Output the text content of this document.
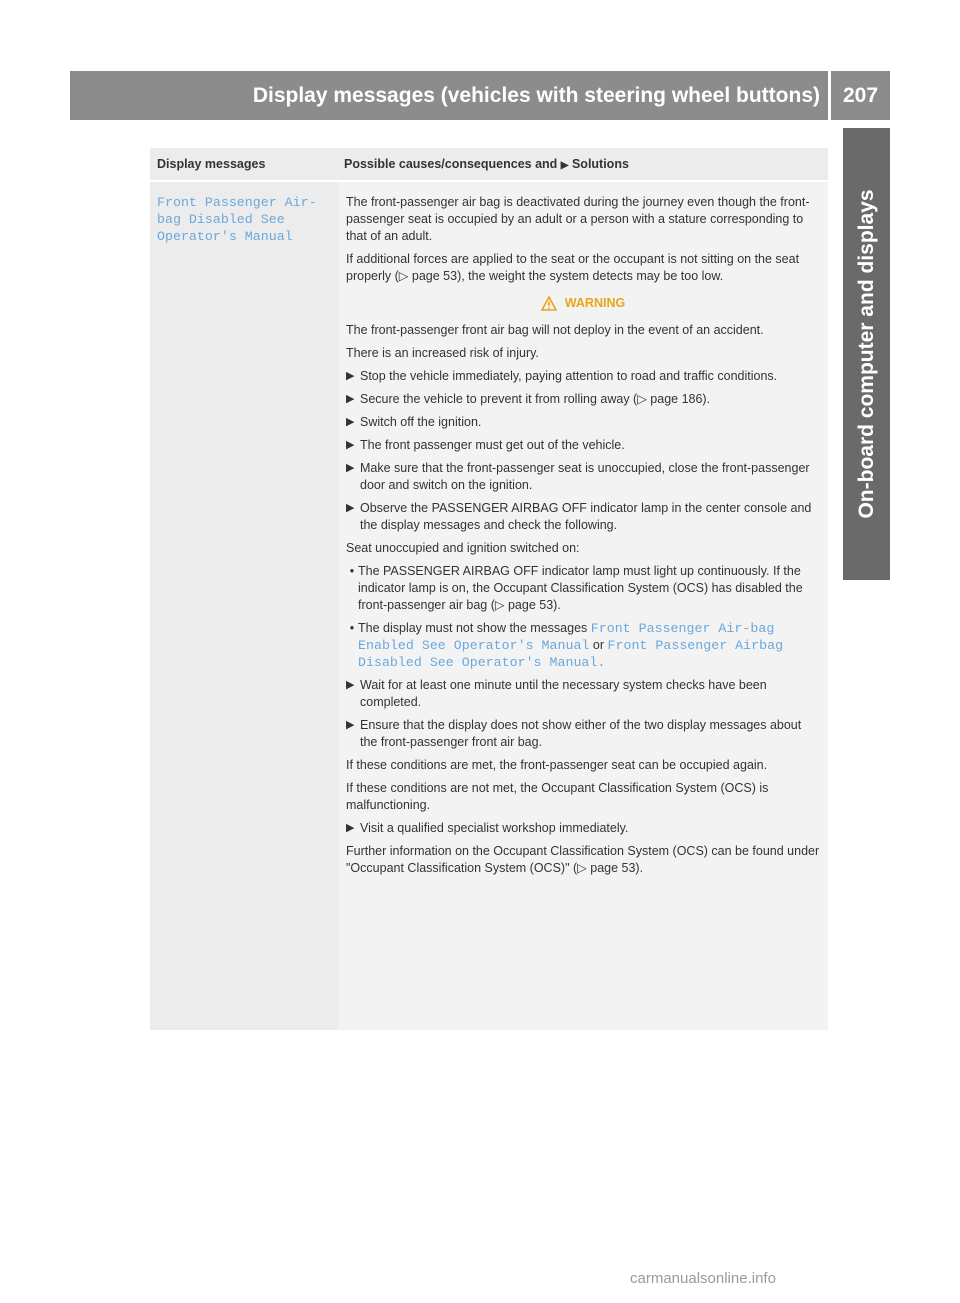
Display messages (vehicles with steering wheel buttons)	207
On-board computer and displays
Display messages	Possible causes/consequences and ▶ Solutions
Front Passenger Air-bag Disabled See Operator's Manual

The front-passenger air bag is deactivated during the journey even though the front-passenger seat is occupied by an adult or a person with a stature corresponding to that of an adult.

If additional forces are applied to the seat or the occupant is not sitting on the seat properly (▷ page 53), the weight the system detects may be too low.

WARNING

The front-passenger front air bag will not deploy in the event of an accident.

There is an increased risk of injury.

▶ Stop the vehicle immediately, paying attention to road and traffic conditions.
▶ Secure the vehicle to prevent it from rolling away (▷ page 186).
▶ Switch off the ignition.
▶ The front passenger must get out of the vehicle.
▶ Make sure that the front-passenger seat is unoccupied, close the front-passenger door and switch on the ignition.
▶ Observe the PASSENGER AIRBAG OFF indicator lamp in the center console and the display messages and check the following.

Seat unoccupied and ignition switched on:

• The PASSENGER AIRBAG OFF indicator lamp must light up continuously. If the indicator lamp is on, the Occupant Classification System (OCS) has disabled the front-passenger air bag (▷ page 53).
• The display must not show the messages Front Passenger Air-bag Enabled See Operator's Manual or Front Passenger Airbag Disabled See Operator's Manual.
▶ Wait for at least one minute until the necessary system checks have been completed.
▶ Ensure that the display does not show either of the two display messages about the front-passenger front air bag.

If these conditions are met, the front-passenger seat can be occupied again.

If these conditions are not met, the Occupant Classification System (OCS) is malfunctioning.

▶ Visit a qualified specialist workshop immediately.

Further information on the Occupant Classification System (OCS) can be found under "Occupant Classification System (OCS)" (▷ page 53).

carmanualsonline.info
